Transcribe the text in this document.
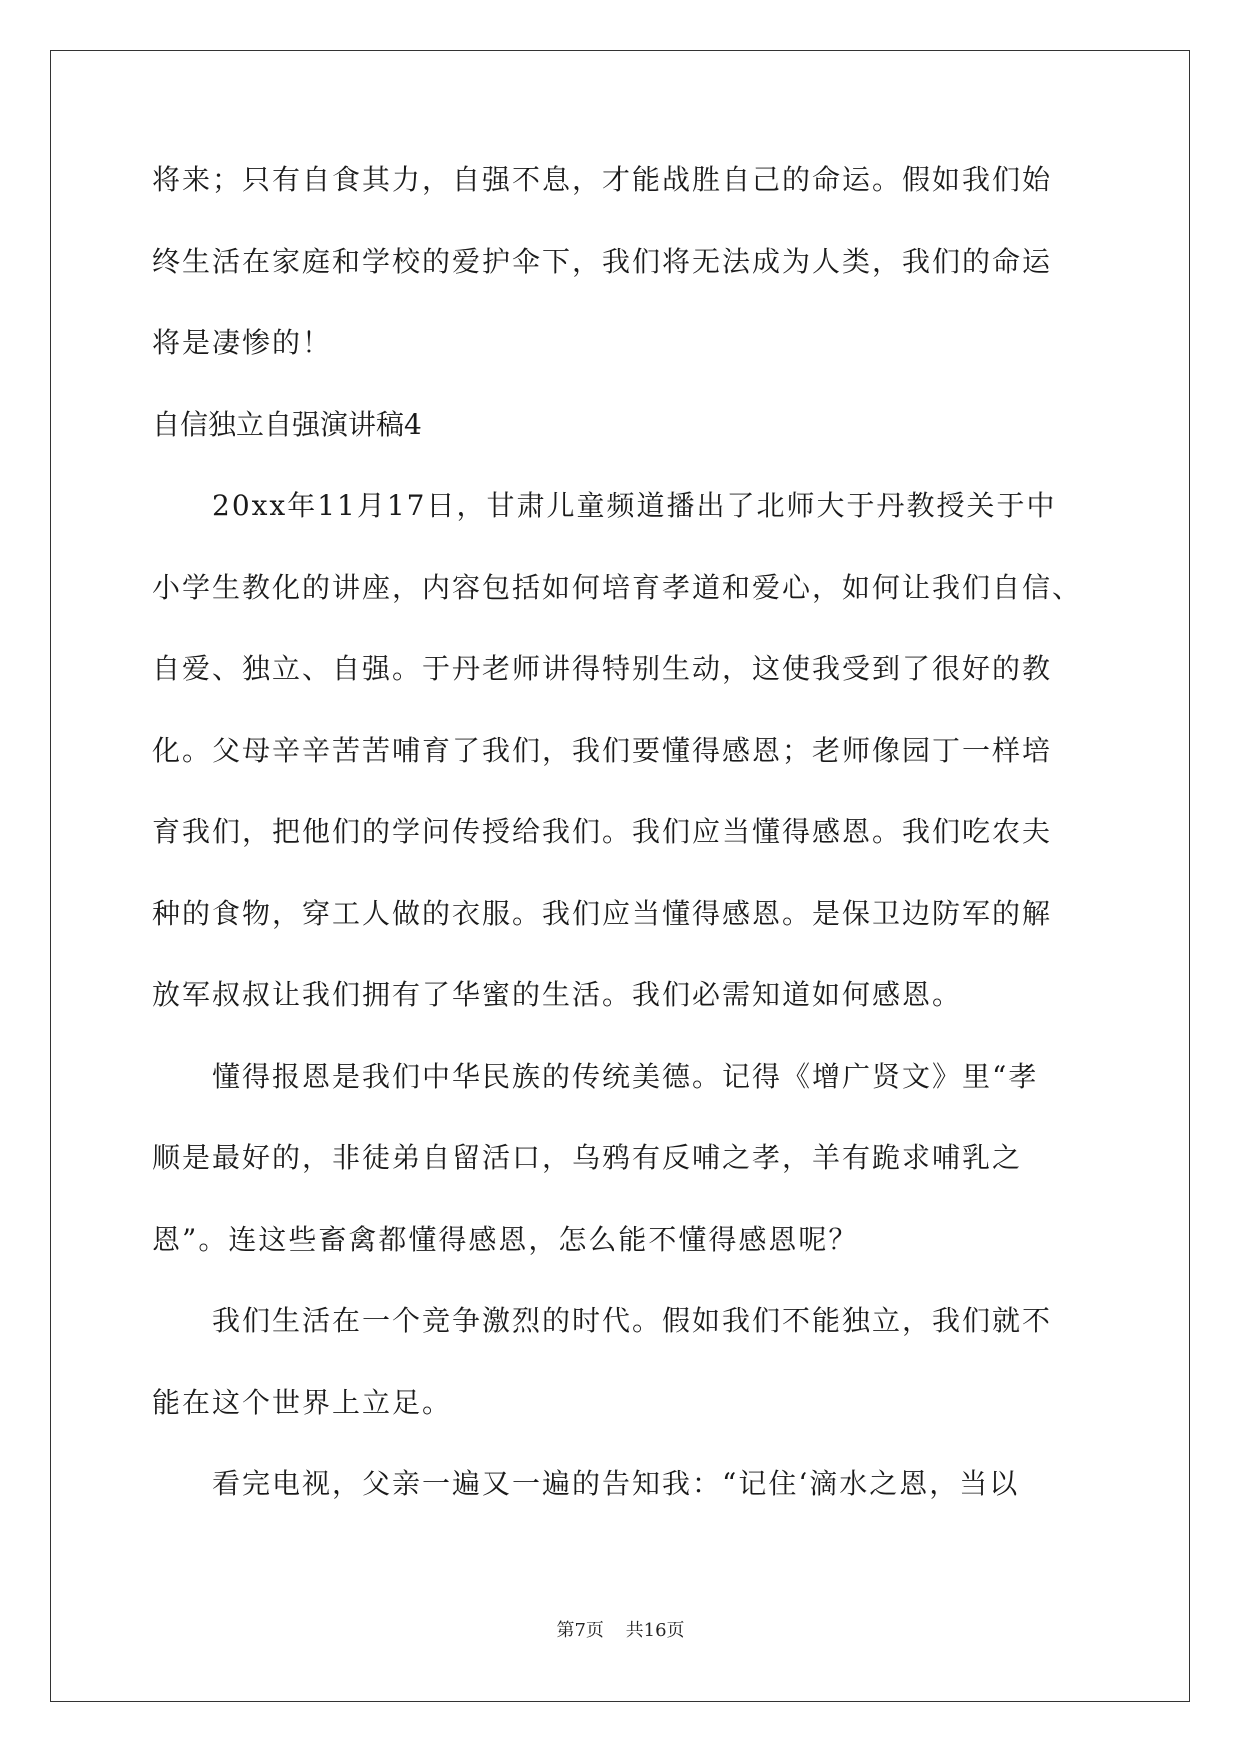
将来；只有自食其力，自强不息，才能战胜自己的命运。假如我们始
终生活在家庭和学校的爱护伞下，我们将无法成为人类，我们的命运
将是凄惨的！
自信独立自强演讲稿4
　　20xx年11月17日，甘肃儿童频道播出了北师大于丹教授关于中
小学生教化的讲座，内容包括如何培育孝道和爱心，如何让我们自信、
自爱、独立、自强。于丹老师讲得特别生动，这使我受到了很好的教
化。父母辛辛苦苦哺育了我们，我们要懂得感恩；老师像园丁一样培
育我们，把他们的学问传授给我们。我们应当懂得感恩。我们吃农夫
种的食物，穿工人做的衣服。我们应当懂得感恩。是保卫边防军的解
放军叔叔让我们拥有了华蜜的生活。我们必需知道如何感恩。
　　懂得报恩是我们中华民族的传统美德。记得《增广贤文》里“孝
顺是最好的，非徒弟自留活口，乌鸦有反哺之孝，羊有跪求哺乳之
恩”。连这些畜禽都懂得感恩，怎么能不懂得感恩呢？
　　我们生活在一个竞争激烈的时代。假如我们不能独立，我们就不
能在这个世界上立足。
　　看完电视，父亲一遍又一遍的告知我：“记住‘滴水之恩，当以
第7页 共16页
